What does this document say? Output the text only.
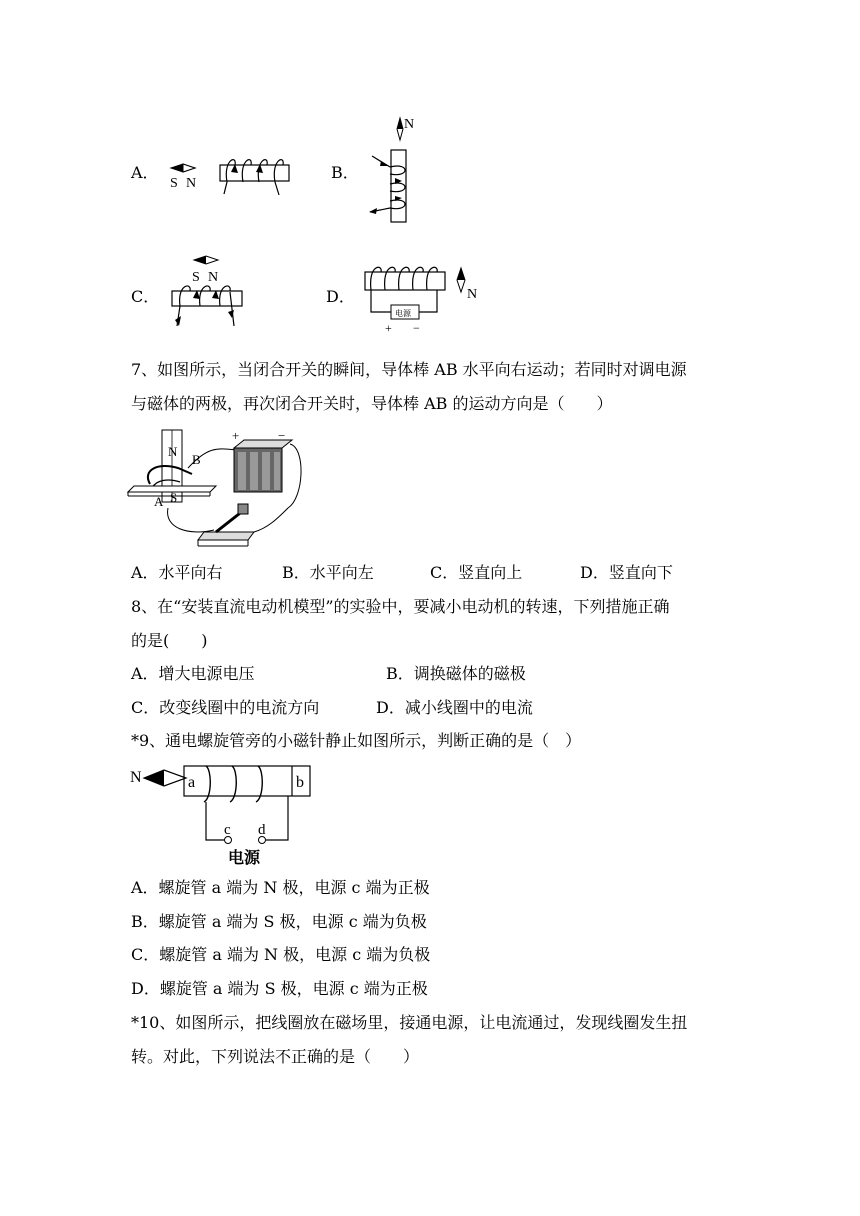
A．
S N
B．
N
C．
S N
D．
电源
+ −
N
7、如图所示，当闭合开关的瞬间，导体棒 AB 水平向右运动；若同时对调电源
与磁体的两极，再次闭合开关时，导体棒 AB 的运动方向是（　　）
N
S
A
B
+	−
A．水平向右	B．水平向左	C．竖直向上	D．竖直向下
8、在“安装直流电动机模型”的实验中，要减小电动机的转速，下列措施正确
的是(　　)
A．增大电源电压	B．调换磁体的磁极
C．改变线圈中的电流方向	D．减小线圈中的电流
*9、通电螺旋管旁的小磁针静止如图所示，判断正确的是（　）
N	a	b
c d
电源
A．螺旋管 a 端为 N 极，电源 c 端为正极
B．螺旋管 a 端为 S 极，电源 c 端为负极
C．螺旋管 a 端为 N 极，电源 c 端为负极
D．螺旋管 a 端为 S 极，电源 c 端为正极
*10、如图所示，把线圈放在磁场里，接通电源，让电流通过，发现线圈发生扭
转。对此，下列说法不正确的是（　　）
